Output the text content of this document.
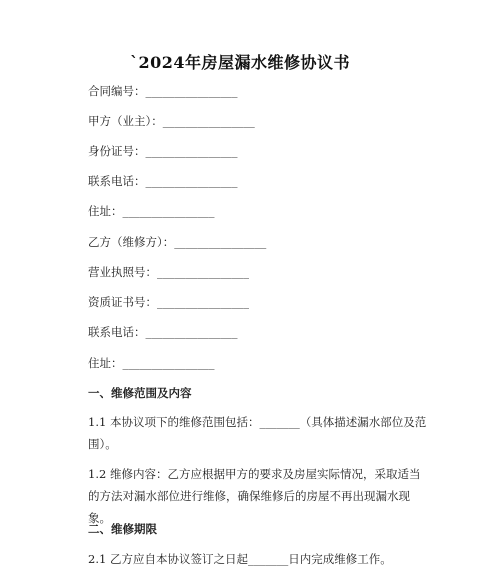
`2024年房屋漏水维修协议书
合同编号：________________
甲方（业主）：________________
身份证号：________________
联系电话：________________
住址：________________
乙方（维修方）：________________
营业执照号：________________
资质证书号：________________
联系电话：________________
住址：________________
一、维修范围及内容
1.1 本协议项下的维修范围包括：_______（具体描述漏水部位及范围）。
1.2 维修内容：乙方应根据甲方的要求及房屋实际情况，采取适当的方法对漏水部位进行维修，确保维修后的房屋不再出现漏水现象。
二、维修期限
2.1 乙方应自本协议签订之日起_______日内完成维修工作。
